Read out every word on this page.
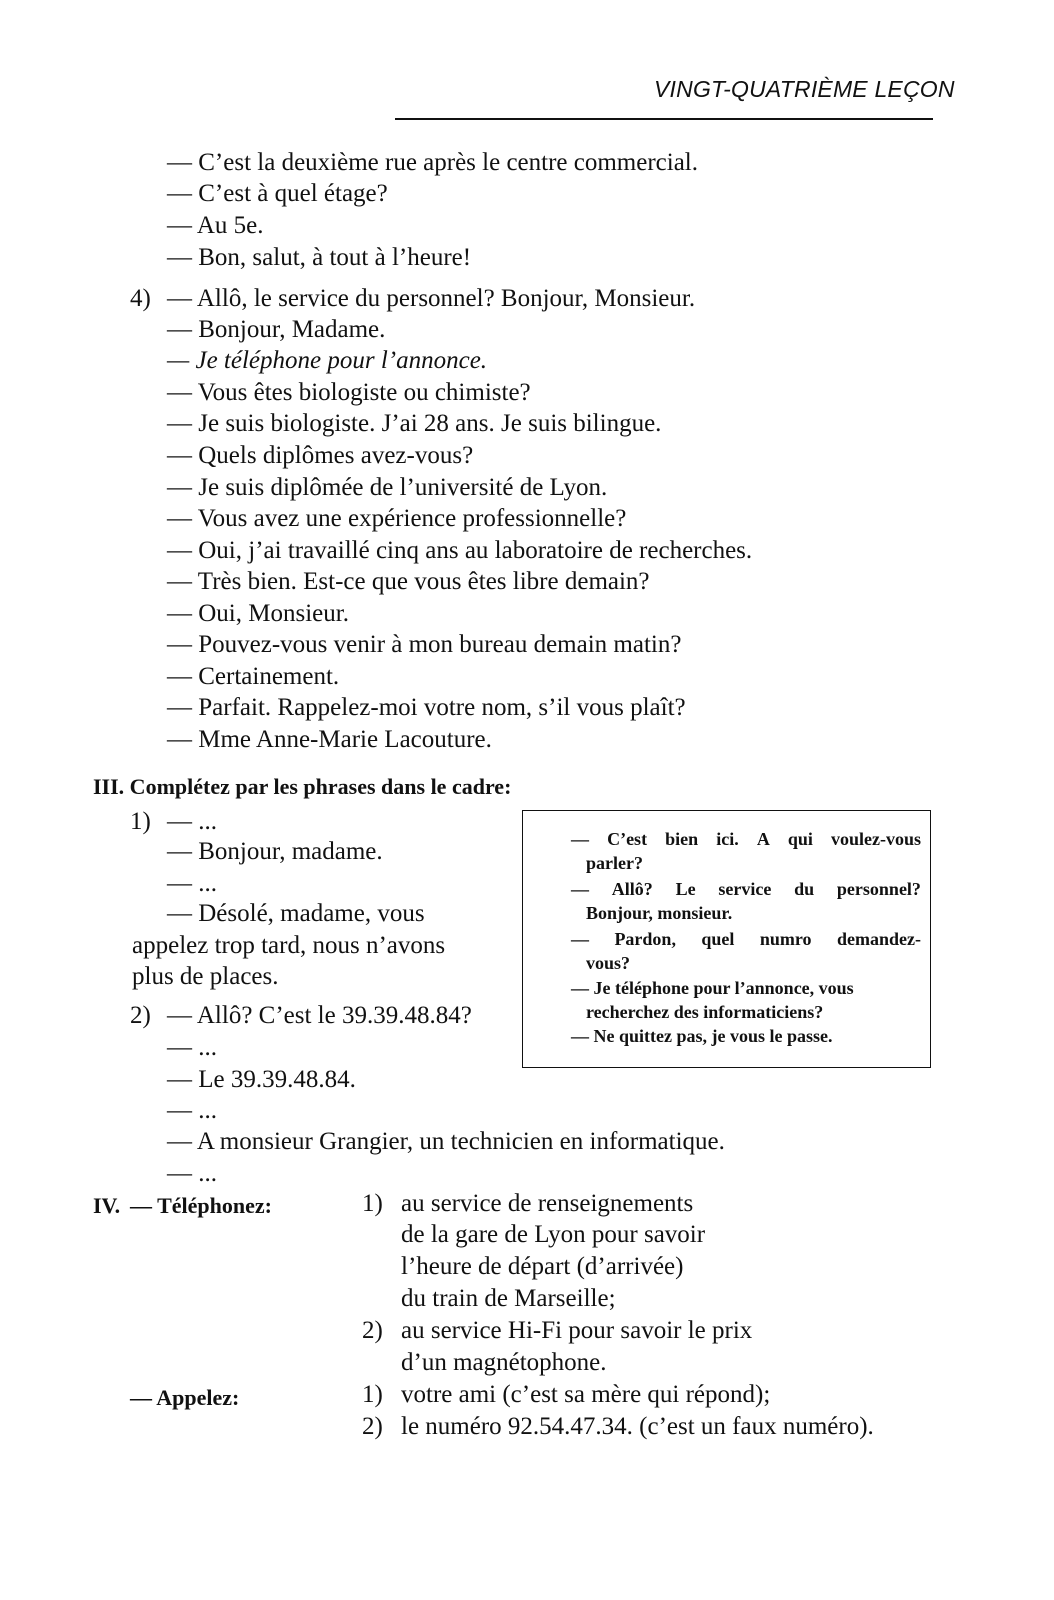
VINGT-QUATRIÈME LEÇON
— C’est la deuxième rue après le centre commercial.
— C’est à quel étage?
— Au 5e.
— Bon, salut, à tout à l’heure!
4) — Allô, le service du personnel? Bonjour, Monsieur.
— Bonjour, Madame.
— Je téléphone pour l’annonce.
— Vous êtes biologiste ou chimiste?
— Je suis biologiste. J’ai 28 ans. Je suis bilingue.
— Quels diplômes avez-vous?
— Je suis diplômée de l’université de Lyon.
— Vous avez une expérience professionnelle?
— Oui, j’ai travaillé cinq ans au laboratoire de recherches.
— Très bien. Est-ce que vous êtes libre demain?
— Oui, Monsieur.
— Pouvez-vous venir à mon bureau demain matin?
— Certainement.
— Parfait. Rappelez-moi votre nom, s’il vous plaît?
— Mme Anne-Marie Lacouture.
III. Complétez par les phrases dans le cadre:
1) — ...
— Bonjour, madame.
— ...
— Désolé, madame, vous
appelez trop tard, nous n’avons
plus de places.
2) — Allô? C’est le 39.39.48.84?
— ...
— Le 39.39.48.84.
— ...
— A monsieur Grangier, un technicien en informatique.
— ...
— C’est bien ici. A qui voulez-vous
parler?
— Allô? Le service du personnel?
Bonjour, monsieur.
— Pardon, quel numro demandez-
vous?
— Je téléphone pour l’annonce, vous
recherchez des informaticiens?
— Ne quittez pas, je vous le passe.
IV. — Téléphonez:	1) au service de renseignements
de la gare de Lyon pour savoir
l’heure de départ (d’arrivée)
du train de Marseille;
2) au service Hi-Fi pour savoir le prix
d’un magnétophone.
— Appelez:	1) votre ami (c’est sa mère qui répond);
2) le numéro 92.54.47.34. (c’est un faux numéro).
